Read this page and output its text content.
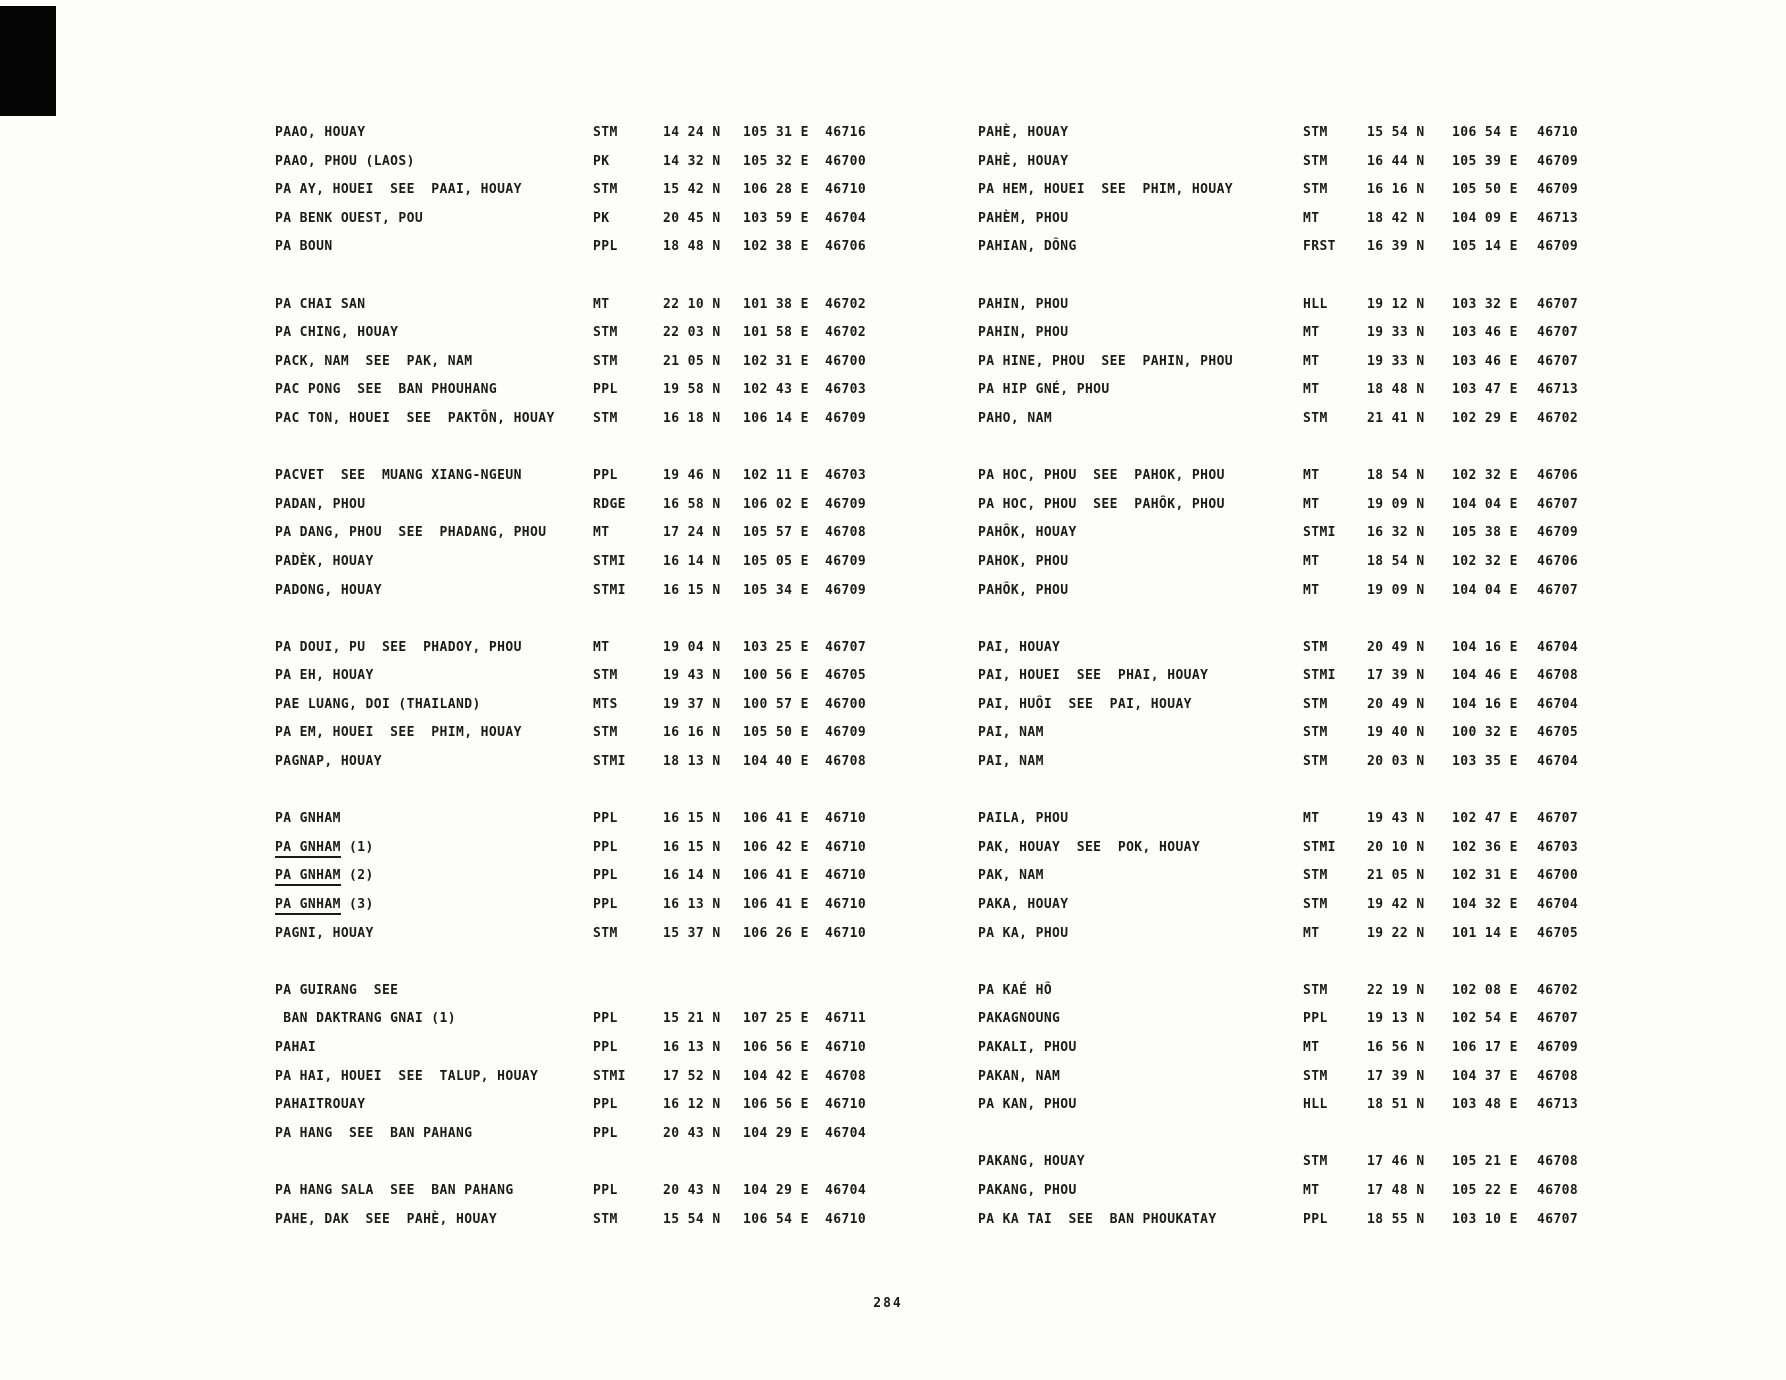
PAAO, HOUAY	STM	14 24 N	105 31 E	46716
PAAO, PHOU (LAOS)	PK	14 32 N	105 32 E	46700
PA AY, HOUEI  SEE  PAAI, HOUAY	STM	15 42 N	106 28 E	46710
PA BENK OUEST, POU	PK	20 45 N	103 59 E	46704
PA BOUN	PPL	18 48 N	102 38 E	46706
PA CHAI SAN	MT	22 10 N	101 38 E	46702
PA CHING, HOUAY	STM	22 03 N	101 58 E	46702
PACK, NAM  SEE  PAK, NAM	STM	21 05 N	102 31 E	46700
PAC PONG  SEE  BAN PHOUHANG	PPL	19 58 N	102 43 E	46703
PAC TON, HOUEI  SEE  PAKTÔN, HOUAY	STM	16 18 N	106 14 E	46709
PACVET  SEE  MUANG XIANG-NGEUN	PPL	19 46 N	102 11 E	46703
PADAN, PHOU	RDGE	16 58 N	106 02 E	46709
PA DANG, PHOU  SEE  PHADANG, PHOU	MT	17 24 N	105 57 E	46708
PADÈK, HOUAY	STMI	16 14 N	105 05 E	46709
PADONG, HOUAY	STMI	16 15 N	105 34 E	46709
PA DOUI, PU  SEE  PHADOY, PHOU	MT	19 04 N	103 25 E	46707
PA EH, HOUAY	STM	19 43 N	100 56 E	46705
PAE LUANG, DOI (THAILAND)	MTS	19 37 N	100 57 E	46700
PA EM, HOUEI  SEE  PHIM, HOUAY	STM	16 16 N	105 50 E	46709
PAGNAP, HOUAY	STMI	18 13 N	104 40 E	46708
PA GNHAM	PPL	16 15 N	106 41 E	46710
PA GNHAM (1)	PPL	16 15 N	106 42 E	46710
PA GNHAM (2)	PPL	16 14 N	106 41 E	46710
PA GNHAM (3)	PPL	16 13 N	106 41 E	46710
PAGNI, HOUAY	STM	15 37 N	106 26 E	46710
PA GUIRANG  SEE
BAN DAKTRANG GNAI (1)	PPL	15 21 N	107 25 E	46711
PAHAI	PPL	16 13 N	106 56 E	46710
PA HAI, HOUEI  SEE  TALUP, HOUAY	STMI	17 52 N	104 42 E	46708
PAHAITROUAY	PPL	16 12 N	106 56 E	46710
PA HANG  SEE  BAN PAHANG	PPL	20 43 N	104 29 E	46704
PA HANG SALA  SEE  BAN PAHANG	PPL	20 43 N	104 29 E	46704
PAHE, DAK  SEE  PAHÈ, HOUAY	STM	15 54 N	106 54 E	46710
PAHÈ, HOUAY	STM	15 54 N	106 54 E	46710
PAHÈ, HOUAY	STM	16 44 N	105 39 E	46709
PA HEM, HOUEI  SEE  PHIM, HOUAY	STM	16 16 N	105 50 E	46709
PAHÈM, PHOU	MT	18 42 N	104 09 E	46713
PAHIAN, DÔNG	FRST	16 39 N	105 14 E	46709
PAHIN, PHOU	HLL	19 12 N	103 32 E	46707
PAHIN, PHOU	MT	19 33 N	103 46 E	46707
PA HINE, PHOU  SEE  PAHIN, PHOU	MT	19 33 N	103 46 E	46707
PA HIP GNÉ, PHOU	MT	18 48 N	103 47 E	46713
PAHO, NAM	STM	21 41 N	102 29 E	46702
PA HOC, PHOU  SEE  PAHOK, PHOU	MT	18 54 N	102 32 E	46706
PA HOC, PHOU  SEE  PAHÔK, PHOU	MT	19 09 N	104 04 E	46707
PAHÔK, HOUAY	STMI	16 32 N	105 38 E	46709
PAHOK, PHOU	MT	18 54 N	102 32 E	46706
PAHÔK, PHOU	MT	19 09 N	104 04 E	46707
PAI, HOUAY	STM	20 49 N	104 16 E	46704
PAI, HOUEI  SEE  PHAI, HOUAY	STMI	17 39 N	104 46 E	46708
PAI, HUÔI  SEE  PAI, HOUAY	STM	20 49 N	104 16 E	46704
PAI, NAM	STM	19 40 N	100 32 E	46705
PAI, NAM	STM	20 03 N	103 35 E	46704
PAILA, PHOU	MT	19 43 N	102 47 E	46707
PAK, HOUAY  SEE  POK, HOUAY	STMI	20 10 N	102 36 E	46703
PAK, NAM	STM	21 05 N	102 31 E	46700
PAKA, HOUAY	STM	19 42 N	104 32 E	46704
PA KA, PHOU	MT	19 22 N	101 14 E	46705
PA KAÉ HÔ	STM	22 19 N	102 08 E	46702
PAKAGNOUNG	PPL	19 13 N	102 54 E	46707
PAKALI, PHOU	MT	16 56 N	106 17 E	46709
PAKAN, NAM	STM	17 39 N	104 37 E	46708
PA KAN, PHOU	HLL	18 51 N	103 48 E	46713
PAKANG, HOUAY	STM	17 46 N	105 21 E	46708
PAKANG, PHOU	MT	17 48 N	105 22 E	46708
PA KA TAI  SEE  BAN PHOUKATAY	PPL	18 55 N	103 10 E	46707
284
